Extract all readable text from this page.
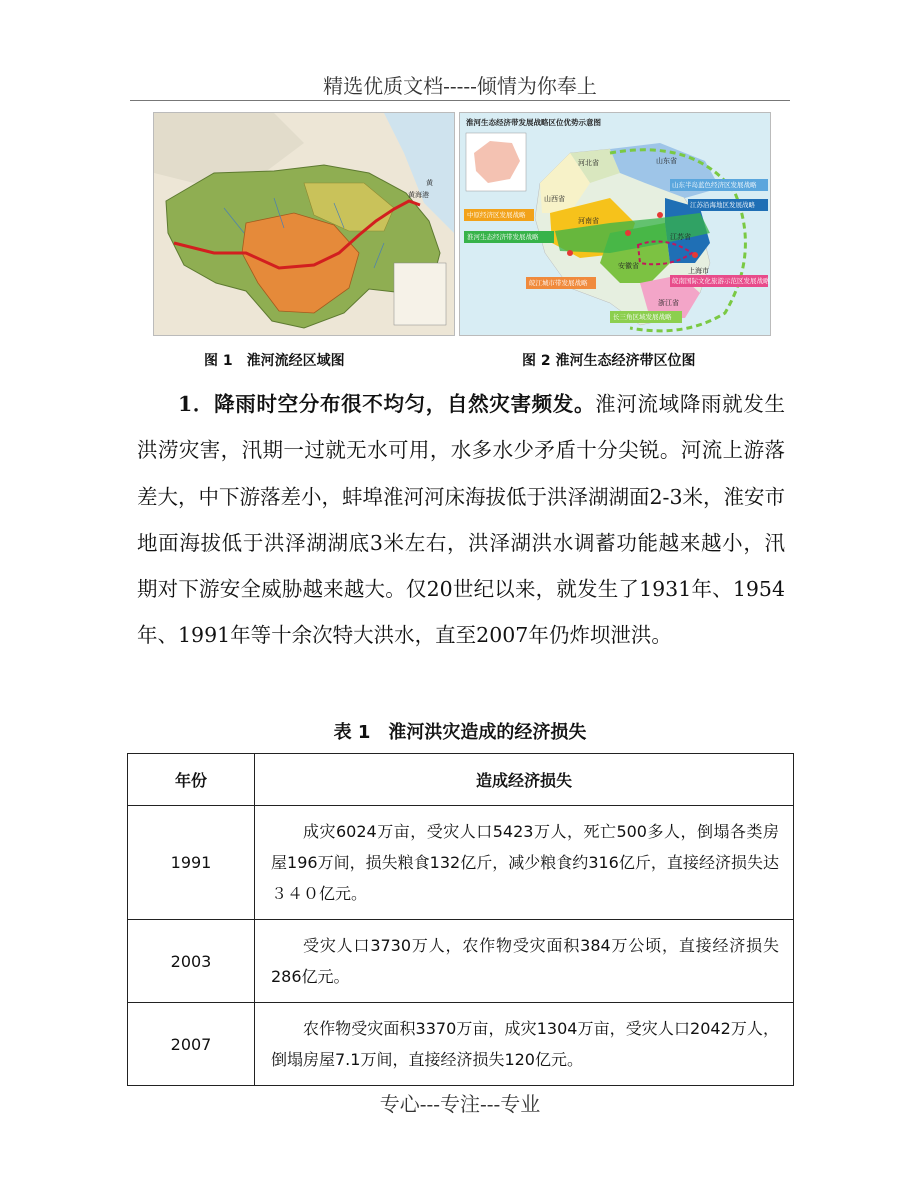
精选优质文档-----倾情为你奉上
黄
黄海港
淮河生态经济带发展战略区位优势示意图
山西省
河北省	山东省
河南省
安徽省
江苏省
浙江省
上海市
中原经济区发展战略
淮河生态经济带发展战略
皖江城市带发展战略
江苏沿海地区发展战略
山东半岛蓝色经济区发展战略
长三角区域发展战略
皖南国际文化旅游示范区发展战略
图 1　淮河流经区域图	图 2 淮河生态经济带区位图
1．降雨时空分布很不均匀，自然灾害频发。淮河流域降雨就发生洪涝灾害，汛期一过就无水可用，水多水少矛盾十分尖锐。河流上游落差大，中下游落差小，蚌埠淮河河床海拔低于洪泽湖湖面2-3米，淮安市地面海拔低于洪泽湖湖底3米左右，洪泽湖洪水调蓄功能越来越小，汛期对下游安全威胁越来越大。仅20世纪以来，就发生了1931年、1954年、1991年等十余次特大洪水，直至2007年仍炸坝泄洪。
表 1　淮河洪灾造成的经济损失
年份	造成经济损失
1991	成灾6024万亩，受灾人口5423万人，死亡500多人，倒塌各类房屋196万间，损失粮食132亿斤，减少粮食约316亿斤，直接经济损失达３４０亿元。
2003	受灾人口3730万人，农作物受灾面积384万公顷，直接经济损失286亿元。
2007	农作物受灾面积3370万亩，成灾1304万亩，受灾人口2042万人，倒塌房屋7.1万间，直接经济损失120亿元。
专心---专注---专业
